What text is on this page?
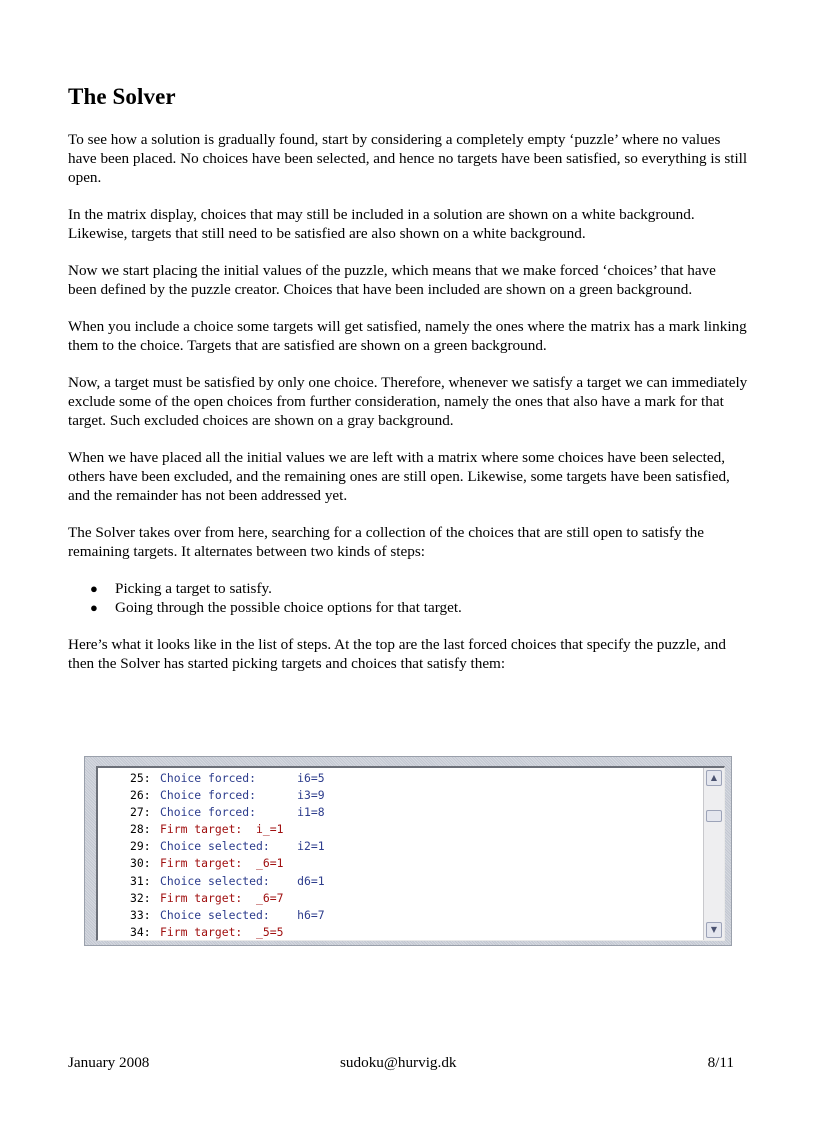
The Solver

To see how a solution is gradually found, start by considering a completely empty ‘puzzle’ where no values have been placed. No choices have been selected, and hence no targets have been satisfied, so everything is still open.

In the matrix display, choices that may still be included in a solution are shown on a white background. Likewise, targets that still need to be satisfied are also shown on a white background.

Now we start placing the initial values of the puzzle, which means that we make forced ‘choices’ that have been defined by the puzzle creator. Choices that have been included are shown on a green background.

When you include a choice some targets will get satisfied, namely the ones where the matrix has a mark linking them to the choice. Targets that are satisfied are shown on a green background.

Now, a target must be satisfied by only one choice. Therefore, whenever we satisfy a target we can immediately exclude some of the open choices from further consideration, namely the ones that also have a mark for that target. Such excluded choices are shown on a gray background.

When we have placed all the initial values we are left with a matrix where some choices have been selected, others have been excluded, and the remaining ones are still open. Likewise, some targets have been satisfied, and the remainder has not been addressed yet.

The Solver takes over from here, searching for a collection of the choices that are still open to satisfy the remaining targets. It alternates between two kinds of steps:

● Picking a target to satisfy.
● Going through the possible choice options for that target.

Here’s what it looks like in the list of steps. At the top are the last forced choices that specify the puzzle, and then the Solver has started picking targets and choices that satisfy them:

25: Choice forced:	i6=5
26: Choice forced:	i3=9
27: Choice forced:	i1=8
28: Firm target: i_=1
29: Choice selected: i2=1
30: Firm target: _6=1
31: Choice selected: d6=1
32: Firm target: _6=7
33: Choice selected: h6=7
34: Firm target: _5=5
▲
▼
January 2008	sudoku@hurvig.dk	8/11
